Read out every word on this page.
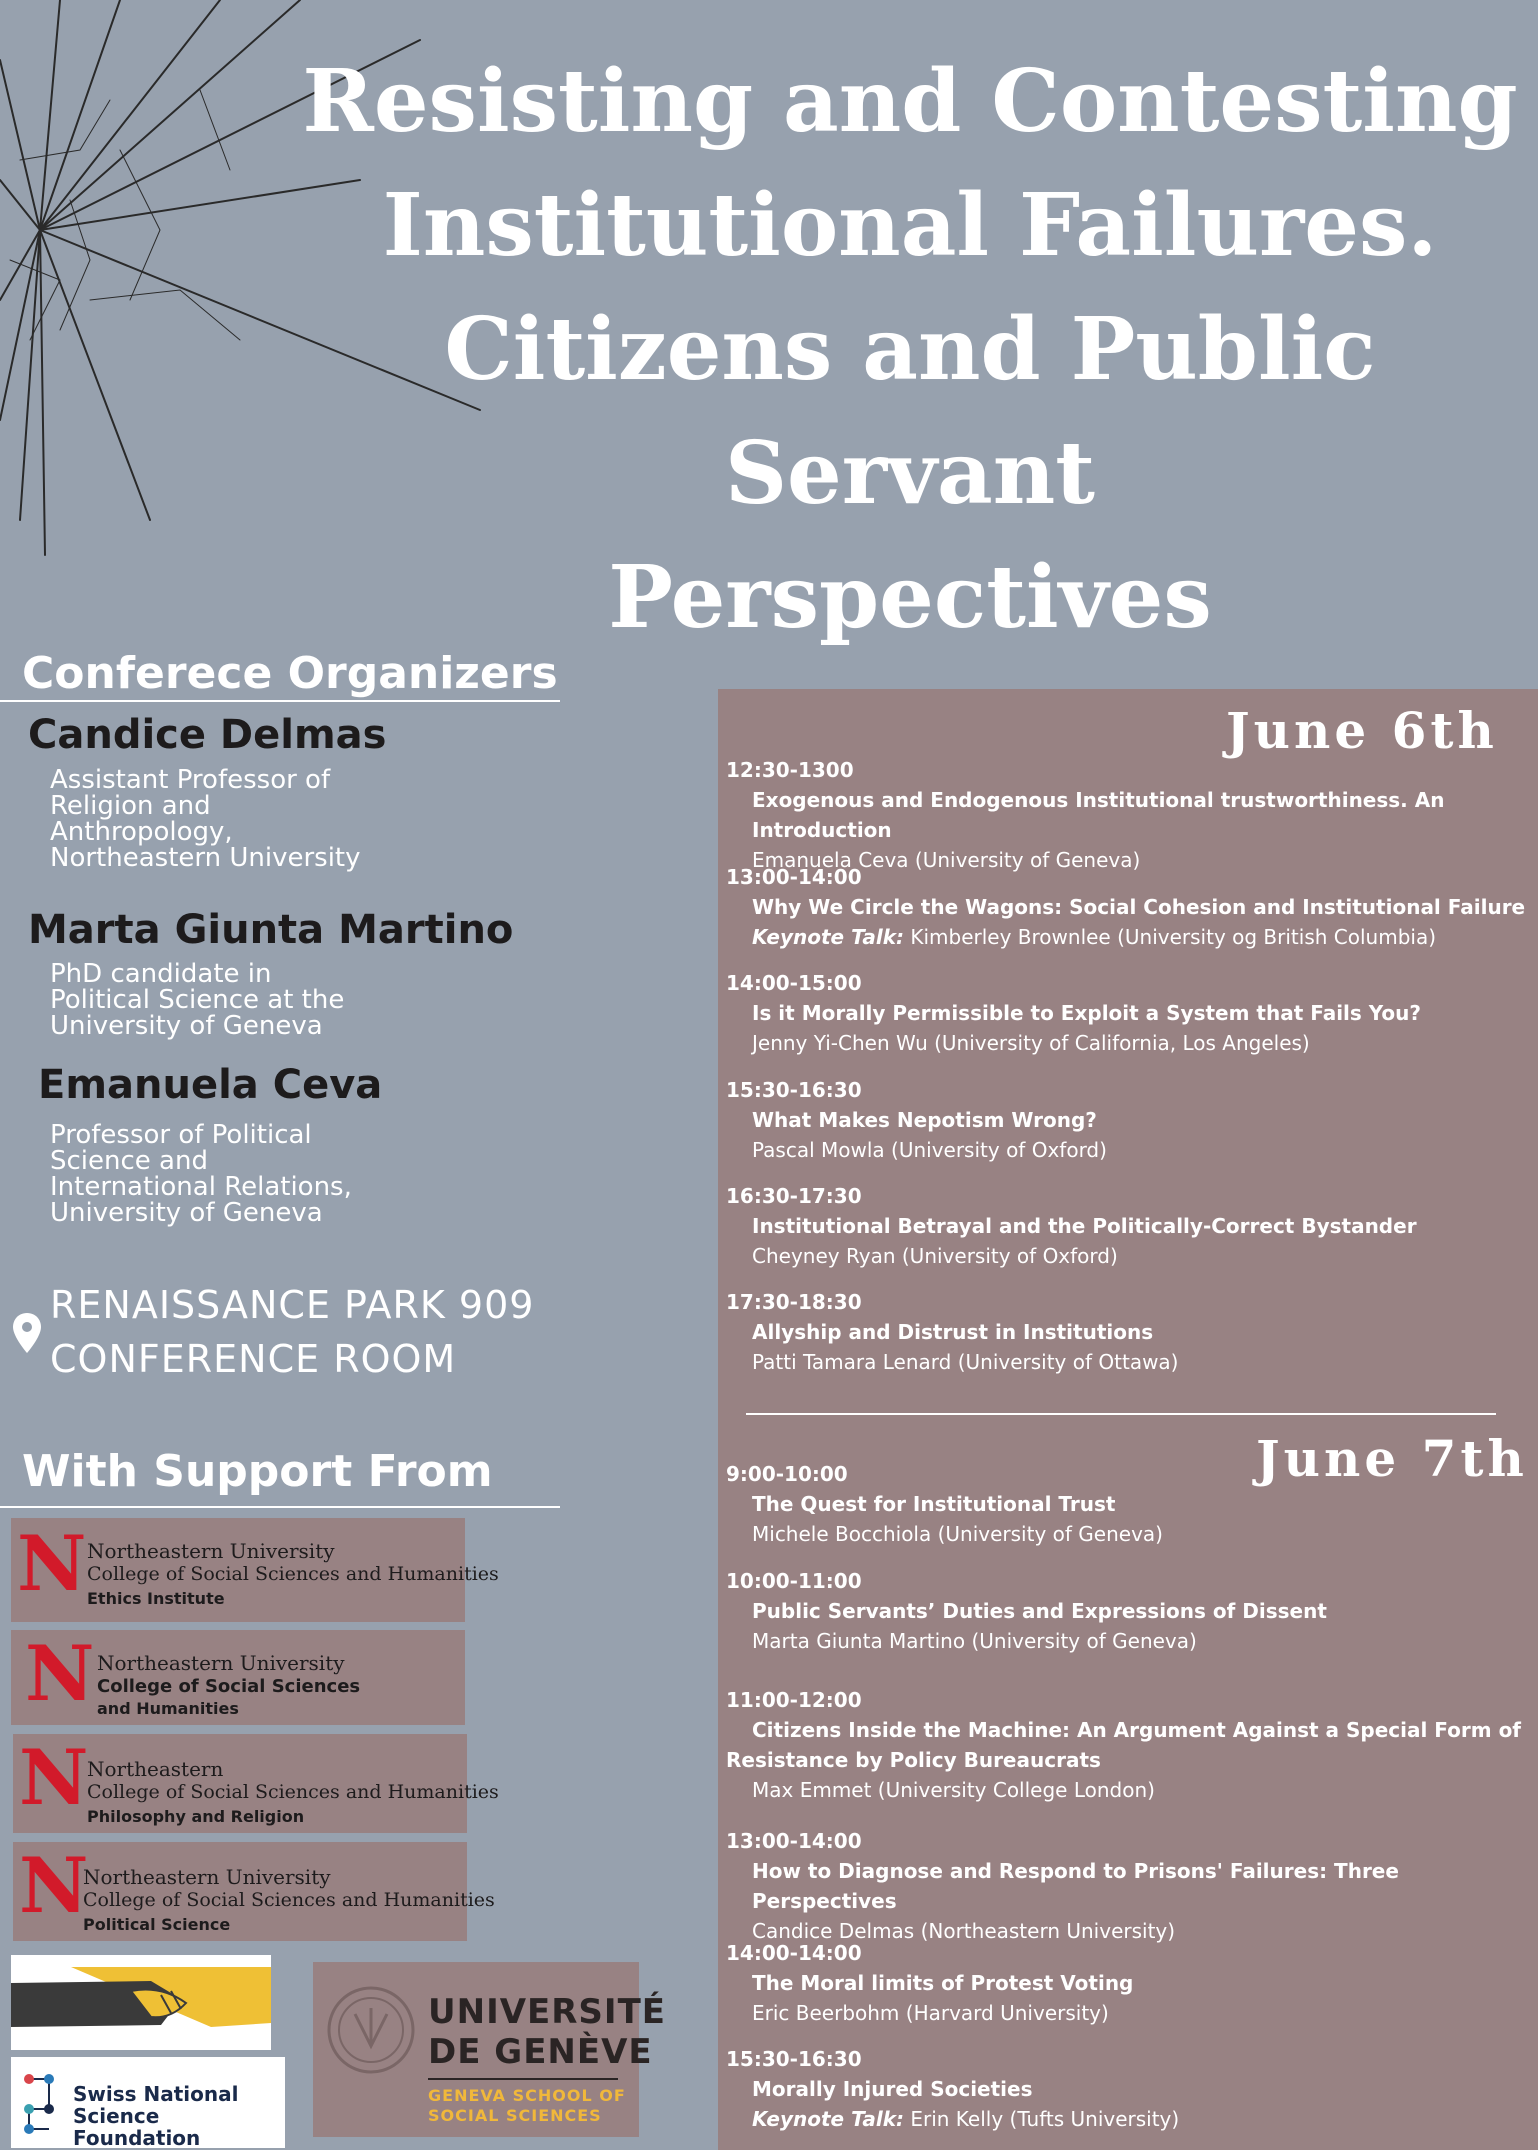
Resisting and Contesting
Institutional Failures.
Citizens and Public Servant
Perspectives
Conferece Organizers
Candice Delmas

Assistant Professor of
Religion and
Anthropology,
Northeastern University

Marta Giunta Martino

PhD candidate in
Political Science at the
University of Geneva

Emanuela Ceva

Professor of Political
Science and
International Relations,
University of Geneva

RENAISSANCE PARK 909
CONFERENCE ROOM

With Support From
N Northeastern University
College of Social Sciences and Humanities
Ethics Institute
N Northeastern University
College of Social Sciences
and Humanities
N
Northeastern
College of Social Sciences and Humanities
Philosophy and Religion
N
Northeastern University
College of Social Sciences and Humanities
Political Science
Swiss National
Science Foundation
UNIVERSITÉ
DE GENÈVE
GENEVA SCHOOL OF
SOCIAL SCIENCES
June 6th
12:30-1300
Exogenous and Endogenous Institutional trustworthiness. An Introduction
Emanuela Ceva (University of Geneva)
13:00-14:00
Why We Circle the Wagons: Social Cohesion and Institutional Failure
Keynote Talk: Kimberley Brownlee (University og British Columbia)
14:00-15:00
Is it Morally Permissible to Exploit a System that Fails You?
Jenny Yi-Chen Wu (University of California, Los Angeles)
15:30-16:30
What Makes Nepotism Wrong?
Pascal Mowla (University of Oxford)
16:30-17:30
Institutional Betrayal and the Politically-Correct Bystander
Cheyney Ryan (University of Oxford)
17:30-18:30
Allyship and Distrust in Institutions
Patti Tamara Lenard (University of Ottawa)
June 7th
9:00-10:00
The Quest for Institutional Trust
Michele Bocchiola (University of Geneva)
10:00-11:00
Public Servants’ Duties and Expressions of Dissent
Marta Giunta Martino (University of Geneva)
11:00-12:00
Citizens Inside the Machine: An Argument Against a Special Form of Resistance by Policy Bureaucrats
Max Emmet (University College London)
13:00-14:00
How to Diagnose and Respond to Prisons' Failures: Three Perspectives
Candice Delmas (Northeastern University)
14:00-14:00
The Moral limits of Protest Voting
Eric Beerbohm (Harvard University)
15:30-16:30
Morally Injured Societies
Keynote Talk: Erin Kelly (Tufts University)
